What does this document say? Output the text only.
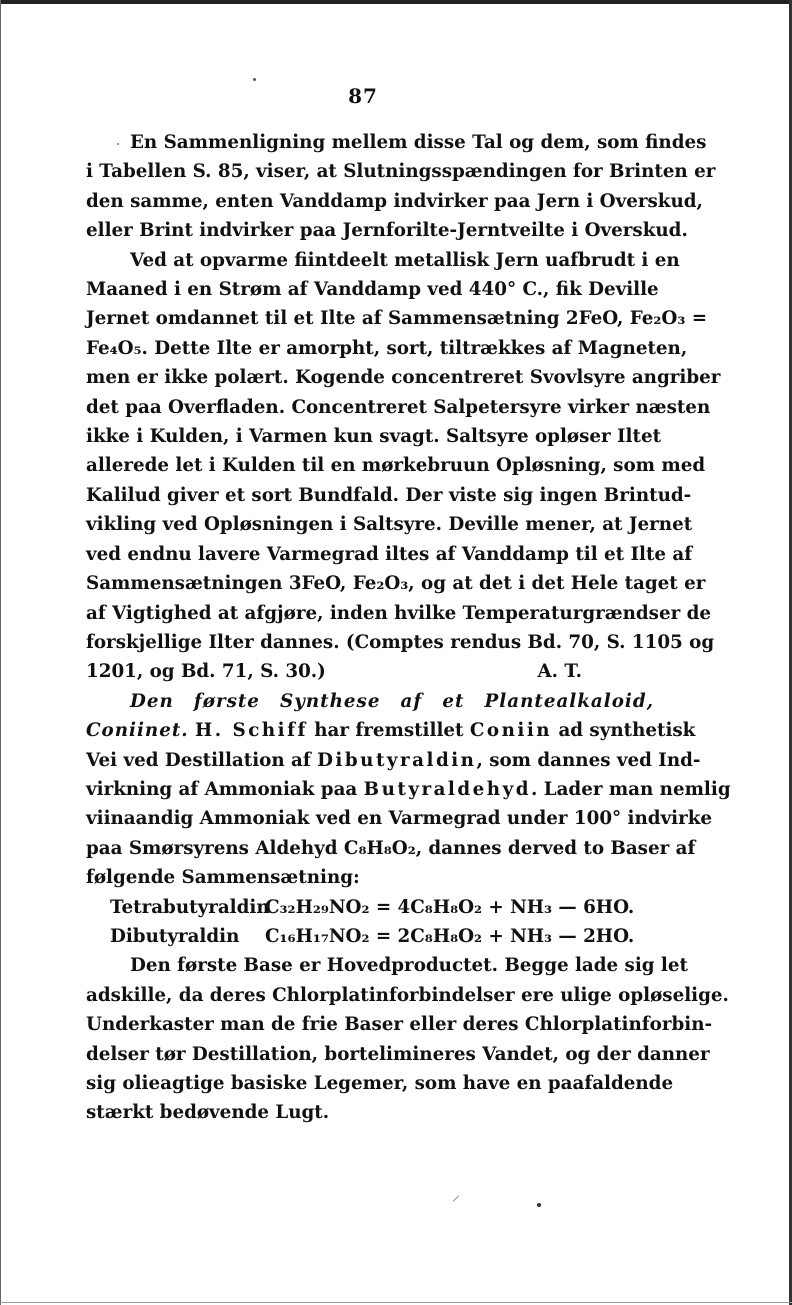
87
En Sammenligning mellem disse Tal og dem, som findes
i Tabellen S. 85, viser, at Slutningsspændingen for Brinten er
den samme, enten Vanddamp indvirker paa Jern i Overskud,
eller Brint indvirker paa Jernforilte-Jerntveilte i Overskud.
Ved at opvarme fiintdeelt metallisk Jern uafbrudt i en
Maaned i en Strøm af Vanddamp ved 440° C., fik Deville
Jernet omdannet til et Ilte af Sammensætning 2FeO, Fe₂O₃ =
Fe₄O₅. Dette Ilte er amorpht, sort, tiltrækkes af Magneten,
men er ikke polært. Kogende concentreret Svovlsyre angriber
det paa Overfladen. Concentreret Salpetersyre virker næsten
ikke i Kulden, i Varmen kun svagt. Saltsyre opløser Iltet
allerede let i Kulden til en mørkebruun Opløsning, som med
Kalilud giver et sort Bundfald. Der viste sig ingen Brintud-
vikling ved Opløsningen i Saltsyre. Deville mener, at Jernet
ved endnu lavere Varmegrad iltes af Vanddamp til et Ilte af
Sammensætningen 3FeO, Fe₂O₃, og at det i det Hele taget er
af Vigtighed at afgjøre, inden hvilke Temperaturgrændser de
forskjellige Ilter dannes. (Comptes rendus Bd. 70, S. 1105 og
1201, og Bd. 71, S. 30.)	A. T.
Den første Synthese af et Plantealkaloid,
Coniinet. H. Schiff har fremstillet Coniin ad synthetisk
Vei ved Destillation af Dibutyraldin, som dannes ved Ind-
virkning af Ammoniak paa Butyraldehyd. Lader man nemlig
viinaandig Ammoniak ved en Varmegrad under 100° indvirke
paa Smørsyrens Aldehyd C₈H₈O₂, dannes derved to Baser af
følgende Sammensætning:
TetrabutyraldinC₃₂H₂₉NO₂ = 4C₈H₈O₂ + NH₃ — 6HO.
Dibutyraldin C₁₆H₁₇NO₂ = 2C₈H₈O₂ + NH₃ — 2HO.
Den første Base er Hovedproductet. Begge lade sig let
adskille, da deres Chlorplatinforbindelser ere ulige opløselige.
Underkaster man de frie Baser eller deres Chlorplatinforbin-
delser tør Destillation, bortelimineres Vandet, og der danner
sig olieagtige basiske Legemer, som have en paafaldende
stærkt bedøvende Lugt.
